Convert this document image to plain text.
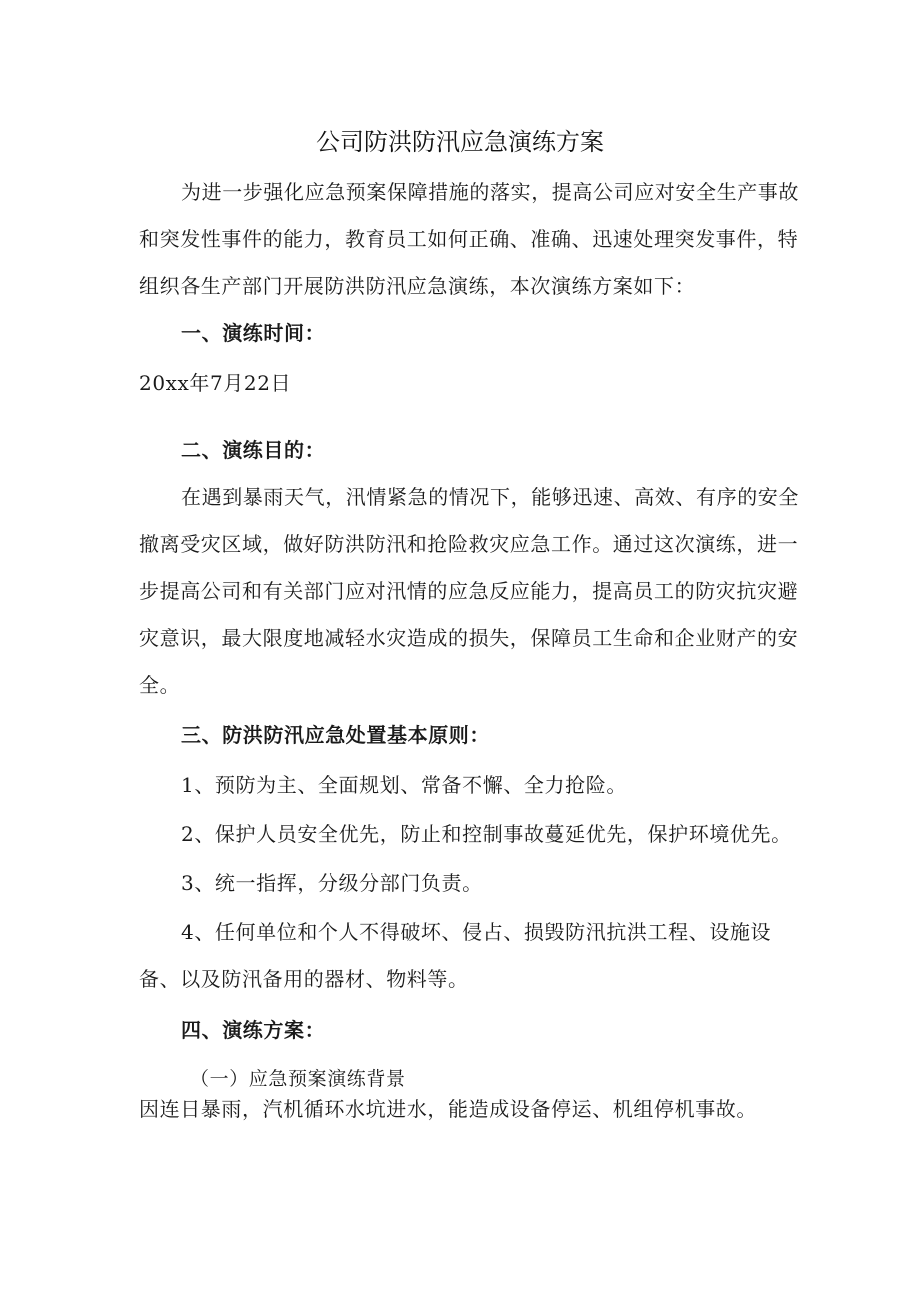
公司防洪防汛应急演练方案

为进一步强化应急预案保障措施的落实，提高公司应对安全生产事故和突发性事件的能力，教育员工如何正确、准确、迅速处理突发事件，特组织各生产部门开展防洪防汛应急演练，本次演练方案如下：

一、演练时间：

20xx年7月22日

二、演练目的：

在遇到暴雨天气，汛情紧急的情况下，能够迅速、高效、有序的安全撤离受灾区域，做好防洪防汛和抢险救灾应急工作。通过这次演练，进一步提高公司和有关部门应对汛情的应急反应能力，提高员工的防灾抗灾避灾意识，最大限度地减轻水灾造成的损失，保障员工生命和企业财产的安全。

三、防洪防汛应急处置基本原则：

1、预防为主、全面规划、常备不懈、全力抢险。

2、保护人员安全优先，防止和控制事故蔓延优先，保护环境优先。

3、统一指挥，分级分部门负责。

4、任何单位和个人不得破坏、侵占、损毁防汛抗洪工程、设施设备、以及防汛备用的器材、物料等。

四、演练方案：

（一）应急预案演练背景

因连日暴雨，汽机循环水坑进水，能造成设备停运、机组停机事故。
